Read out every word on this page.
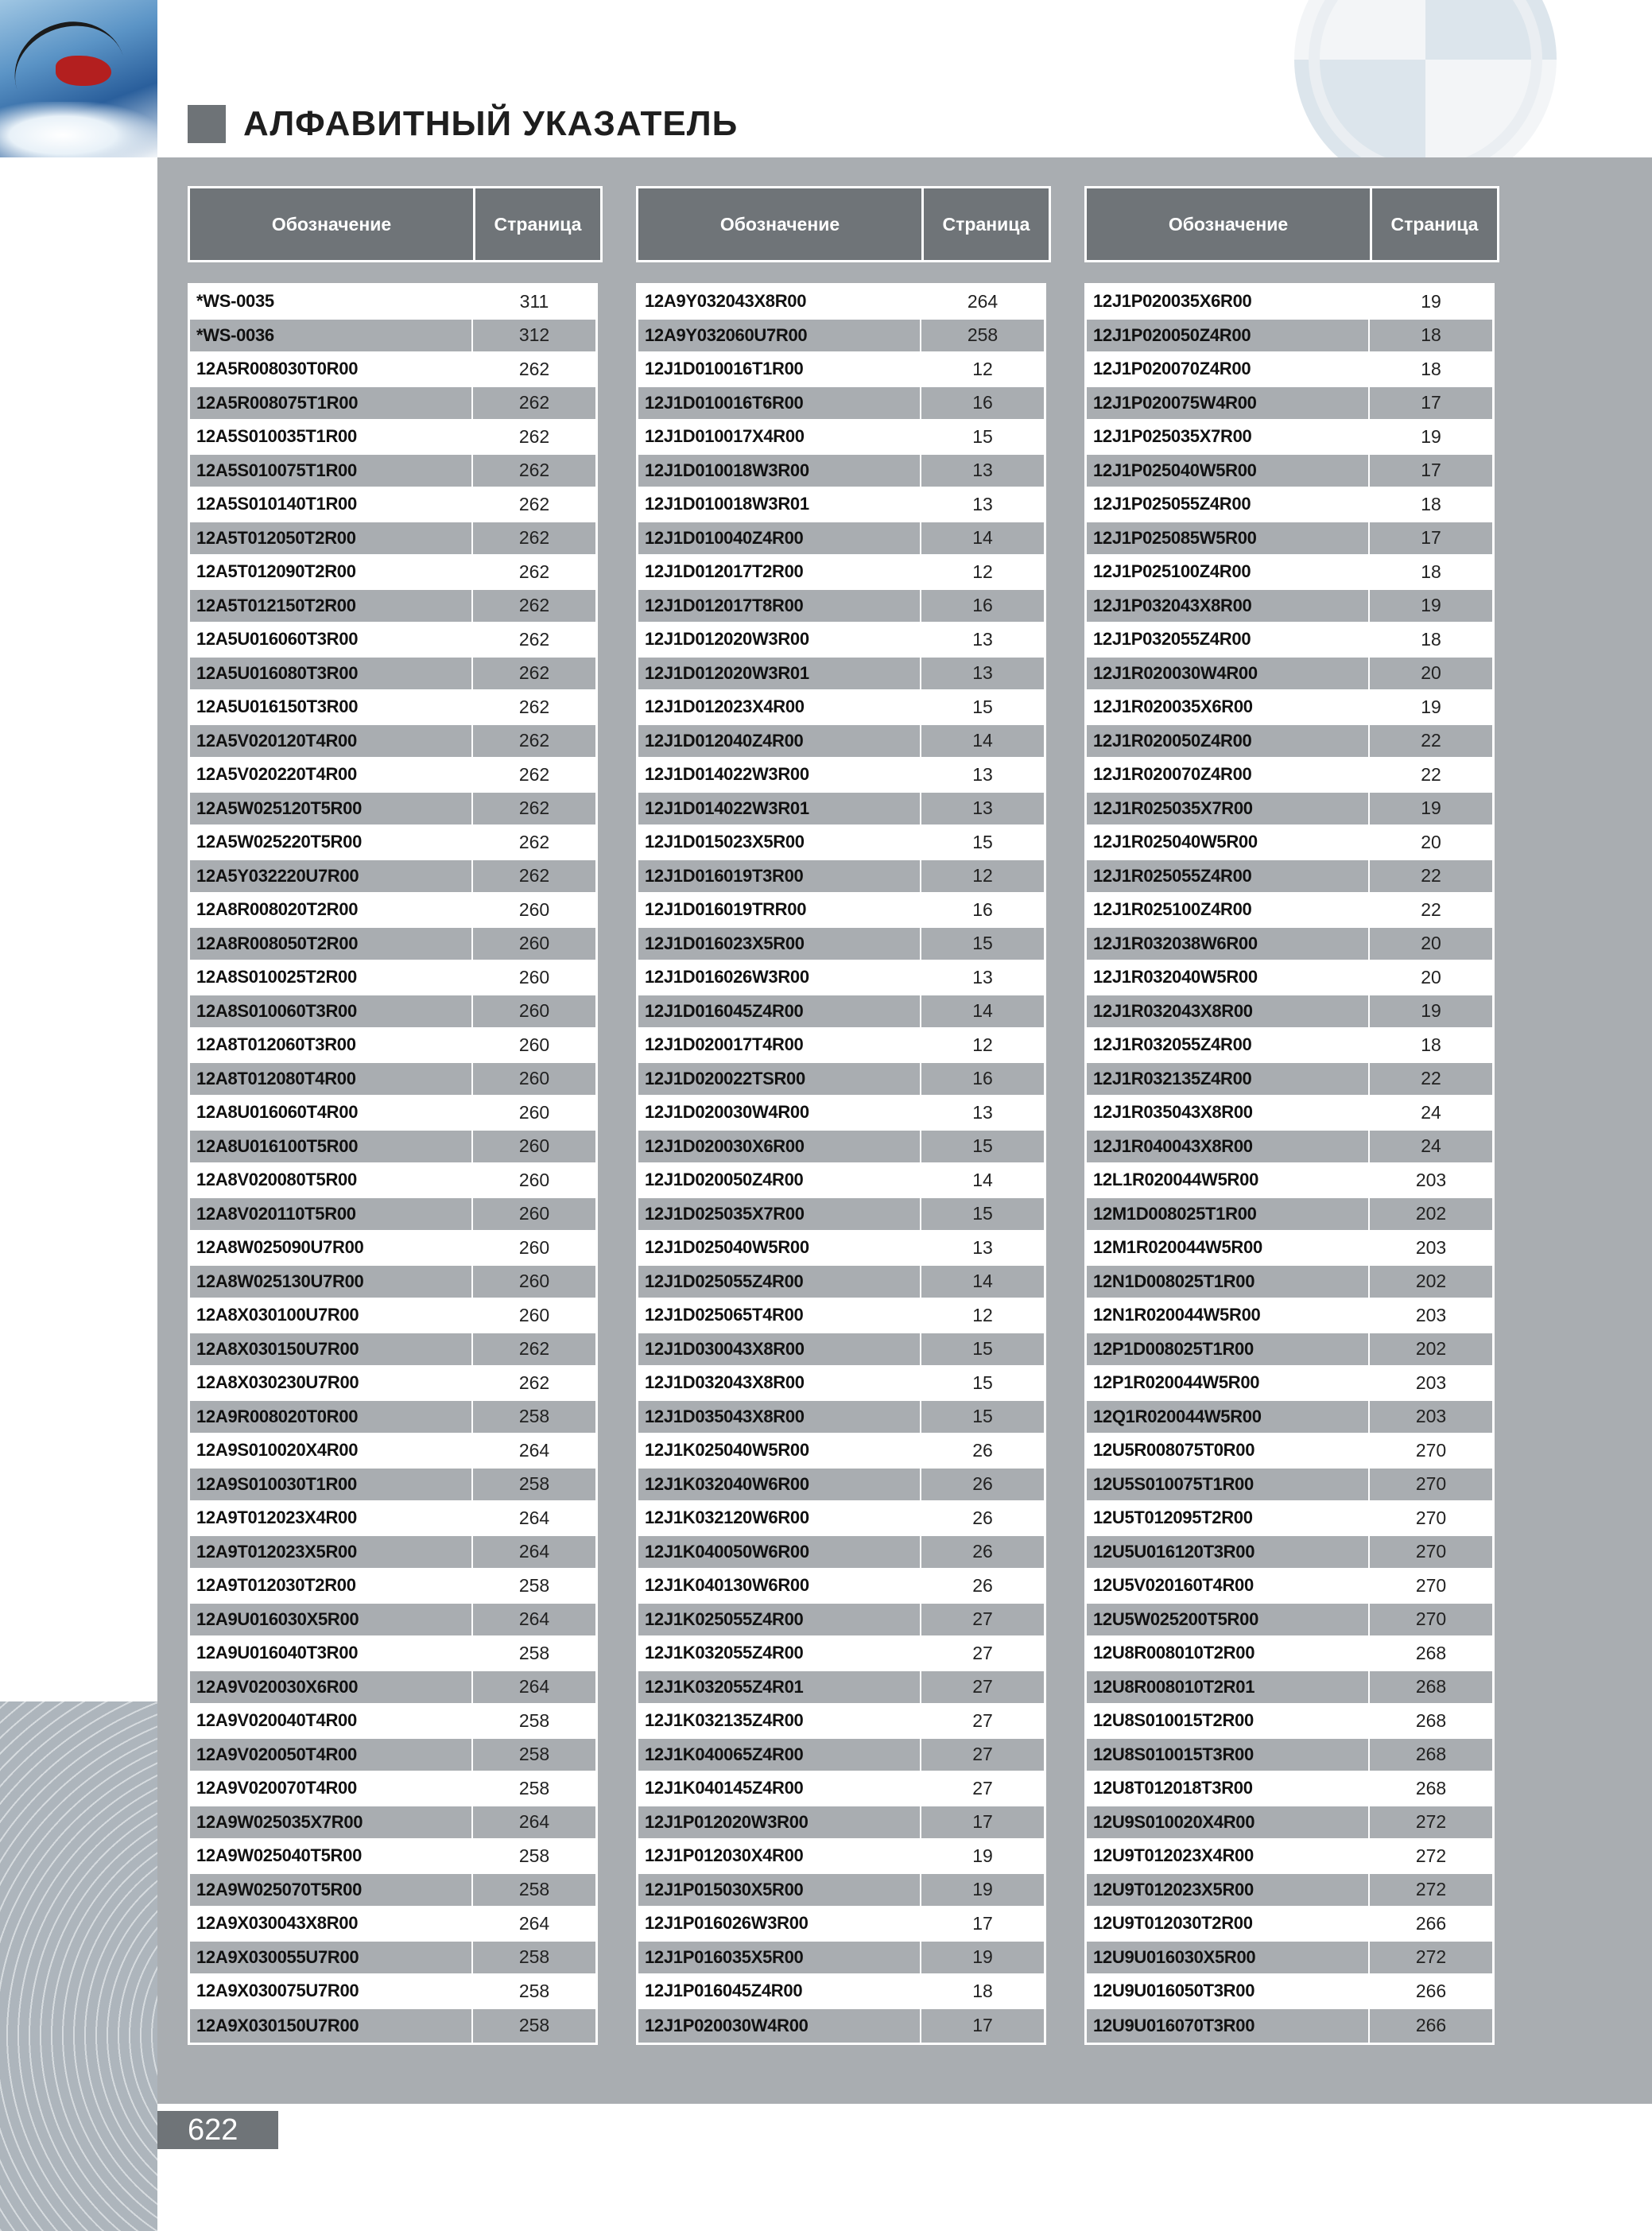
АЛФАВИТНЫЙ УКАЗАТЕЛЬ
Обозначение	Страница
*WS-0035	311
*WS-0036	312
12A5R008030T0R00	262
12A5R008075T1R00	262
12A5S010035T1R00	262
12A5S010075T1R00	262
12A5S010140T1R00	262
12A5T012050T2R00	262
12A5T012090T2R00	262
12A5T012150T2R00	262
12A5U016060T3R00	262
12A5U016080T3R00	262
12A5U016150T3R00	262
12A5V020120T4R00	262
12A5V020220T4R00	262
12A5W025120T5R00	262
12A5W025220T5R00	262
12A5Y032220U7R00	262
12A8R008020T2R00	260
12A8R008050T2R00	260
12A8S010025T2R00	260
12A8S010060T3R00	260
12A8T012060T3R00	260
12A8T012080T4R00	260
12A8U016060T4R00	260
12A8U016100T5R00	260
12A8V020080T5R00	260
12A8V020110T5R00	260
12A8W025090U7R00	260
12A8W025130U7R00	260
12A8X030100U7R00	260
12A8X030150U7R00	262
12A8X030230U7R00	262
12A9R008020T0R00	258
12A9S010020X4R00	264
12A9S010030T1R00	258
12A9T012023X4R00	264
12A9T012023X5R00	264
12A9T012030T2R00	258
12A9U016030X5R00	264
12A9U016040T3R00	258
12A9V020030X6R00	264
12A9V020040T4R00	258
12A9V020050T4R00	258
12A9V020070T4R00	258
12A9W025035X7R00	264
12A9W025040T5R00	258
12A9W025070T5R00	258
12A9X030043X8R00	264
12A9X030055U7R00	258
12A9X030075U7R00	258
12A9X030150U7R00	258
Обозначение	Страница
12A9Y032043X8R00	264
12A9Y032060U7R00	258
12J1D010016T1R00	12
12J1D010016T6R00	16
12J1D010017X4R00	15
12J1D010018W3R00	13
12J1D010018W3R01	13
12J1D010040Z4R00	14
12J1D012017T2R00	12
12J1D012017T8R00	16
12J1D012020W3R00	13
12J1D012020W3R01	13
12J1D012023X4R00	15
12J1D012040Z4R00	14
12J1D014022W3R00	13
12J1D014022W3R01	13
12J1D015023X5R00	15
12J1D016019T3R00	12
12J1D016019TRR00	16
12J1D016023X5R00	15
12J1D016026W3R00	13
12J1D016045Z4R00	14
12J1D020017T4R00	12
12J1D020022TSR00	16
12J1D020030W4R00	13
12J1D020030X6R00	15
12J1D020050Z4R00	14
12J1D025035X7R00	15
12J1D025040W5R00	13
12J1D025055Z4R00	14
12J1D025065T4R00	12
12J1D030043X8R00	15
12J1D032043X8R00	15
12J1D035043X8R00	15
12J1K025040W5R00	26
12J1K032040W6R00	26
12J1K032120W6R00	26
12J1K040050W6R00	26
12J1K040130W6R00	26
12J1K025055Z4R00	27
12J1K032055Z4R00	27
12J1K032055Z4R01	27
12J1K032135Z4R00	27
12J1K040065Z4R00	27
12J1K040145Z4R00	27
12J1P012020W3R00	17
12J1P012030X4R00	19
12J1P015030X5R00	19
12J1P016026W3R00	17
12J1P016035X5R00	19
12J1P016045Z4R00	18
12J1P020030W4R00	17
Обозначение	Страница
12J1P020035X6R00	19
12J1P020050Z4R00	18
12J1P020070Z4R00	18
12J1P020075W4R00	17
12J1P025035X7R00	19
12J1P025040W5R00	17
12J1P025055Z4R00	18
12J1P025085W5R00	17
12J1P025100Z4R00	18
12J1P032043X8R00	19
12J1P032055Z4R00	18
12J1R020030W4R00	20
12J1R020035X6R00	19
12J1R020050Z4R00	22
12J1R020070Z4R00	22
12J1R025035X7R00	19
12J1R025040W5R00	20
12J1R025055Z4R00	22
12J1R025100Z4R00	22
12J1R032038W6R00	20
12J1R032040W5R00	20
12J1R032043X8R00	19
12J1R032055Z4R00	18
12J1R032135Z4R00	22
12J1R035043X8R00	24
12J1R040043X8R00	24
12L1R020044W5R00	203
12M1D008025T1R00	202
12M1R020044W5R00	203
12N1D008025T1R00	202
12N1R020044W5R00	203
12P1D008025T1R00	202
12P1R020044W5R00	203
12Q1R020044W5R00	203
12U5R008075T0R00	270
12U5S010075T1R00	270
12U5T012095T2R00	270
12U5U016120T3R00	270
12U5V020160T4R00	270
12U5W025200T5R00	270
12U8R008010T2R00	268
12U8R008010T2R01	268
12U8S010015T2R00	268
12U8S010015T3R00	268
12U8T012018T3R00	268
12U9S010020X4R00	272
12U9T012023X4R00	272
12U9T012023X5R00	272
12U9T012030T2R00	266
12U9U016030X5R00	272
12U9U016050T3R00	266
12U9U016070T3R00	266
622
